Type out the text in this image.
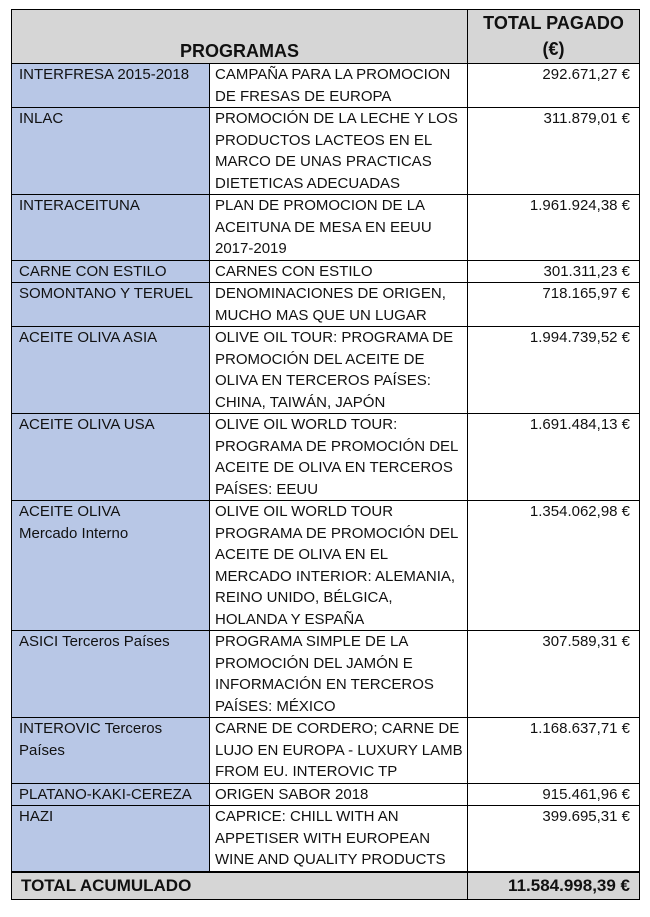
PROGRAMAS		TOTAL PAGADO
(€)

INTERFRESA 2015-2018	CAMPAÑA PARA LA PROMOCION DE FRESAS DE EUROPA	292.671,27 €

INLAC	PROMOCIÓN DE LA LECHE Y LOS PRODUCTOS LACTEOS EN EL MARCO DE UNAS PRACTICAS DIETETICAS ADECUADAS	311.879,01 €

INTERACEITUNA	PLAN DE PROMOCION DE LA ACEITUNA DE MESA EN EEUU 2017-2019	1.961.924,38 €

CARNE CON ESTILO	CARNES CON ESTILO	301.311,23 €

SOMONTANO Y TERUEL	DENOMINACIONES DE ORIGEN, MUCHO MAS QUE UN LUGAR	718.165,97 €

ACEITE OLIVA ASIA	OLIVE OIL TOUR: PROGRAMA DE PROMOCIÓN DEL ACEITE DE OLIVA EN TERCEROS PAÍSES: CHINA, TAIWÁN, JAPÓN	1.994.739,52 €

ACEITE OLIVA USA	OLIVE OIL WORLD TOUR: PROGRAMA DE PROMOCIÓN DEL ACEITE DE OLIVA EN TERCEROS PAÍSES: EEUU	1.691.484,13 €

ACEITE OLIVA
Mercado Interno	OLIVE OIL WORLD TOUR PROGRAMA DE PROMOCIÓN DEL ACEITE DE OLIVA EN EL MERCADO INTERIOR: ALEMANIA, REINO UNIDO, BÉLGICA, HOLANDA Y ESPAÑA	1.354.062,98 €

ASICI Terceros Países	PROGRAMA SIMPLE DE LA PROMOCIÓN DEL JAMÓN E INFORMACIÓN EN TERCEROS PAÍSES: MÉXICO	307.589,31 €

INTEROVIC Terceros Países	CARNE DE CORDERO; CARNE DE LUJO EN EUROPA - LUXURY LAMB FROM EU. INTEROVIC TP	1.168.637,71 €

PLATANO-KAKI-CEREZA	ORIGEN SABOR 2018	915.461,96 €

HAZI	CAPRICE: CHILL WITH AN APPETISER WITH EUROPEAN WINE AND QUALITY PRODUCTS	399.695,31 €
TOTAL ACUMULADO		11.584.998,39 €
